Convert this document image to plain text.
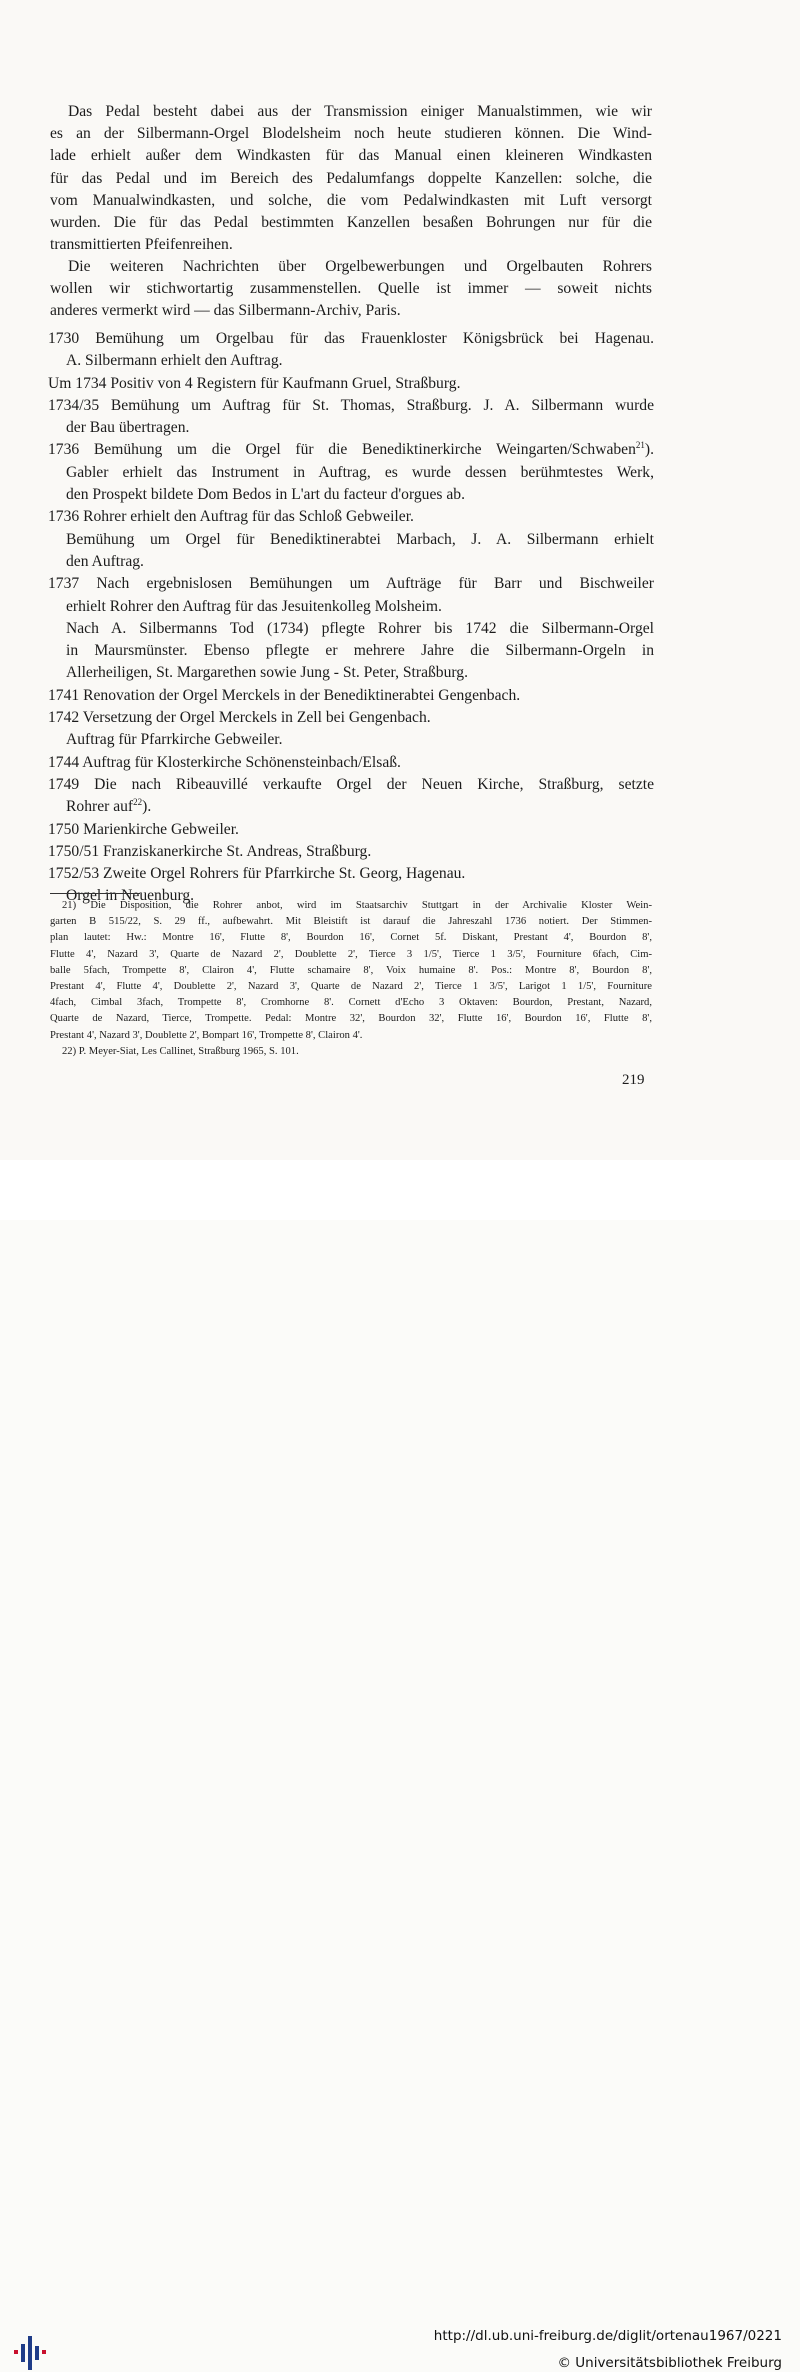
Das Pedal besteht dabei aus der Transmission einiger Manualstimmen, wie wir
es an der Silbermann-Orgel Blodelsheim noch heute studieren können. Die Wind-
lade erhielt außer dem Windkasten für das Manual einen kleineren Windkasten
für das Pedal und im Bereich des Pedalumfangs doppelte Kanzellen: solche, die
vom Manualwindkasten, und solche, die vom Pedalwindkasten mit Luft versorgt
wurden. Die für das Pedal bestimmten Kanzellen besaßen Bohrungen nur für die
transmittierten Pfeifenreihen.

Die weiteren Nachrichten über Orgelbewerbungen und Orgelbauten Rohrers
wollen wir stichwortartig zusammenstellen. Quelle ist immer — soweit nichts
anderes vermerkt wird — das Silbermann-Archiv, Paris.

1730 Bemühung um Orgelbau für das Frauenkloster Königsbrück bei Hagenau.
A. Silbermann erhielt den Auftrag.
Um 1734 Positiv von 4 Registern für Kaufmann Gruel, Straßburg.
1734/35 Bemühung um Auftrag für St. Thomas, Straßburg. J. A. Silbermann wurde
der Bau übertragen.
1736 Bemühung um die Orgel für die Benediktinerkirche Weingarten/Schwaben$^{21}$).
Gabler erhielt das Instrument in Auftrag, es wurde dessen berühmtestes Werk,
den Prospekt bildete Dom Bedos in L'art du facteur d'orgues ab.
1736 Rohrer erhielt den Auftrag für das Schloß Gebweiler.
Bemühung um Orgel für Benediktinerabtei Marbach, J. A. Silbermann erhielt
den Auftrag.
1737 Nach ergebnislosen Bemühungen um Aufträge für Barr und Bischweiler
erhielt Rohrer den Auftrag für das Jesuitenkolleg Molsheim.
Nach A. Silbermanns Tod (1734) pflegte Rohrer bis 1742 die Silbermann-Orgel
in Maursmünster. Ebenso pflegte er mehrere Jahre die Silbermann-Orgeln in
Allerheiligen, St. Margarethen sowie Jung - St. Peter, Straßburg.
1741 Renovation der Orgel Merckels in der Benediktinerabtei Gengenbach.
1742 Versetzung der Orgel Merckels in Zell bei Gengenbach.
Auftrag für Pfarrkirche Gebweiler.
1744 Auftrag für Klosterkirche Schönensteinbach/Elsaß.
1749 Die nach Ribeauvillé verkaufte Orgel der Neuen Kirche, Straßburg, setzte
Rohrer auf$^{22}$).
1750 Marienkirche Gebweiler.
1750/51 Franziskanerkirche St. Andreas, Straßburg.
1752/53 Zweite Orgel Rohrers für Pfarrkirche St. Georg, Hagenau.
Orgel in Neuenburg.

21) Die Disposition, die Rohrer anbot, wird im Staatsarchiv Stuttgart in der Archivalie Kloster Wein-
garten B 515/22, S. 29 ff., aufbewahrt. Mit Bleistift ist darauf die Jahreszahl 1736 notiert. Der Stimmen-
plan lautet: Hw.: Montre 16', Flutte 8', Bourdon 16', Cornet 5f. Diskant, Prestant 4', Bourdon 8',
Flutte 4', Nazard 3', Quarte de Nazard 2', Doublette 2', Tierce 3 1/5', Tierce 1 3/5', Fourniture 6fach, Cim-
balle 5fach, Trompette 8', Clairon 4', Flutte schamaire 8', Voix humaine 8'. Pos.: Montre 8', Bourdon 8',
Prestant 4', Flutte 4', Doublette 2', Nazard 3', Quarte de Nazard 2', Tierce 1 3/5', Larigot 1 1/5', Fourniture
4fach, Cimbal 3fach, Trompette 8', Cromhorne 8'. Cornett d'Echo 3 Oktaven: Bourdon, Prestant, Nazard,
Quarte de Nazard, Tierce, Trompette. Pedal: Montre 32', Bourdon 32', Flutte 16', Bourdon 16', Flutte 8',
Prestant 4', Nazard 3', Doublette 2', Bompart 16', Trompette 8', Clairon 4'.

22) P. Meyer-Siat, Les Callinet, Straßburg 1965, S. 101.

219
http://dl.ub.uni-freiburg.de/diglit/ortenau1967/0221
© Universitätsbibliothek Freiburg
